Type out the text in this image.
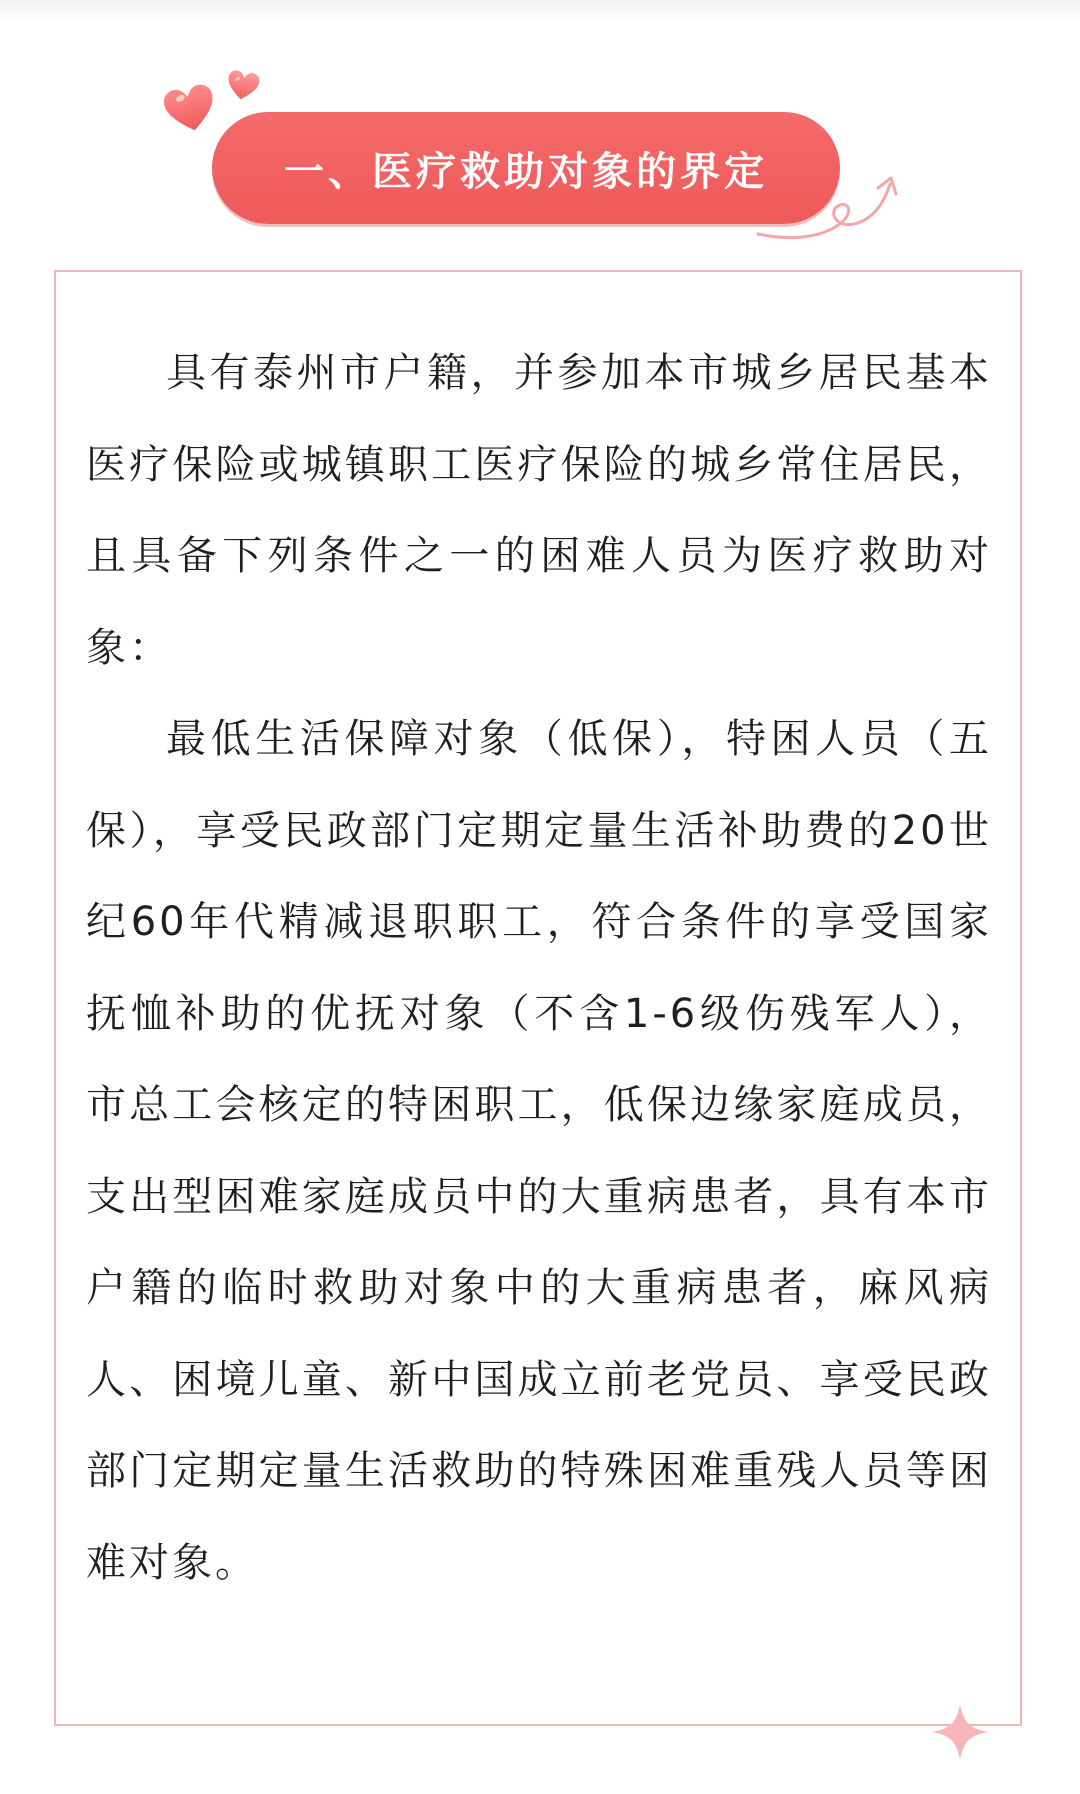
一、医疗救助对象的界定

具有泰州市户籍，并参加本市城乡居民基本医疗保险或城镇职工医疗保险的城乡常住居民，且具备下列条件之一的困难人员为医疗救助对象：

最低生活保障对象（低保），特困人员（五保），享受民政部门定期定量生活补助费的20世纪60年代精减退职职工，符合条件的享受国家抚恤补助的优抚对象（不含1-6级伤残军人），市总工会核定的特困职工，低保边缘家庭成员，支出型困难家庭成员中的大重病患者，具有本市户籍的临时救助对象中的大重病患者，麻风病人、困境儿童、新中国成立前老党员、享受民政部门定期定量生活救助的特殊困难重残人员等困难对象。
